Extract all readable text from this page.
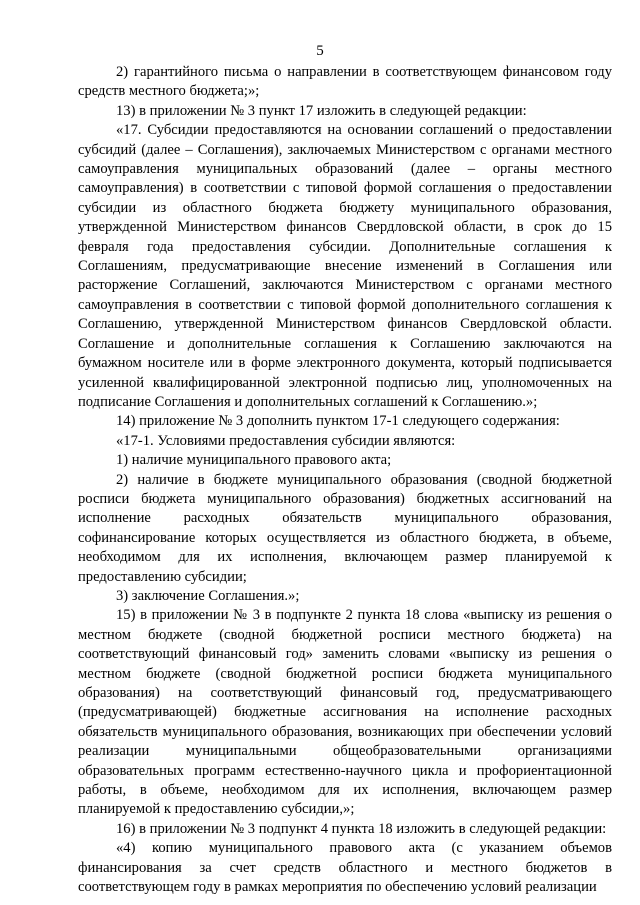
5

2) гарантийного письма о направлении в соответствующем финансовом году средств местного бюджета;»;

13) в приложении № 3 пункт 17 изложить в следующей редакции:

«17. Субсидии предоставляются на основании соглашений о предоставлении субсидий (далее – Соглашения), заключаемых Министерством с органами местного самоуправления муниципальных образований (далее – органы местного самоуправления) в соответствии с типовой формой соглашения о предоставлении субсидии из областного бюджета бюджету муниципального образования, утвержденной Министерством финансов Свердловской области, в срок до 15 февраля года предоставления субсидии. Дополнительные соглашения к Соглашениям, предусматривающие внесение изменений в Соглашения или расторжение Соглашений, заключаются Министерством с органами местного самоуправления в соответствии с типовой формой дополнительного соглашения к Соглашению, утвержденной Министерством финансов Свердловской области. Соглашение и дополнительные соглашения к Соглашению заключаются на бумажном носителе или в форме электронного документа, который подписывается усиленной квалифицированной электронной подписью лиц, уполномоченных на подписание Соглашения и дополнительных соглашений к Соглашению.»;

14) приложение № 3 дополнить пунктом 17-1 следующего содержания:

«17-1. Условиями предоставления субсидии являются:

1) наличие муниципального правового акта;

2) наличие в бюджете муниципального образования (сводной бюджетной росписи бюджета муниципального образования) бюджетных ассигнований на исполнение расходных обязательств муниципального образования, софинансирование которых осуществляется из областного бюджета, в объеме, необходимом для их исполнения, включающем размер планируемой к предоставлению субсидии;

3) заключение Соглашения.»;

15) в приложении № 3 в подпункте 2 пункта 18 слова «выписку из решения о местном бюджете (сводной бюджетной росписи местного бюджета) на соответствующий финансовый год» заменить словами «выписку из решения о местном бюджете (сводной бюджетной росписи бюджета муниципального образования) на соответствующий финансовый год, предусматривающего (предусматривающей) бюджетные ассигнования на исполнение расходных обязательств муниципального образования, возникающих при обеспечении условий реализации муниципальными общеобразовательными организациями образовательных программ естественно-научного цикла и профориентационной работы, в объеме, необходимом для их исполнения, включающем размер планируемой к предоставлению субсидии,»;

16) в приложении № 3 подпункт 4 пункта 18 изложить в следующей редакции:

«4) копию муниципального правового акта (с указанием объемов финансирования за счет средств областного и местного бюджетов в соответствующем году в рамках мероприятия по обеспечению условий реализации
